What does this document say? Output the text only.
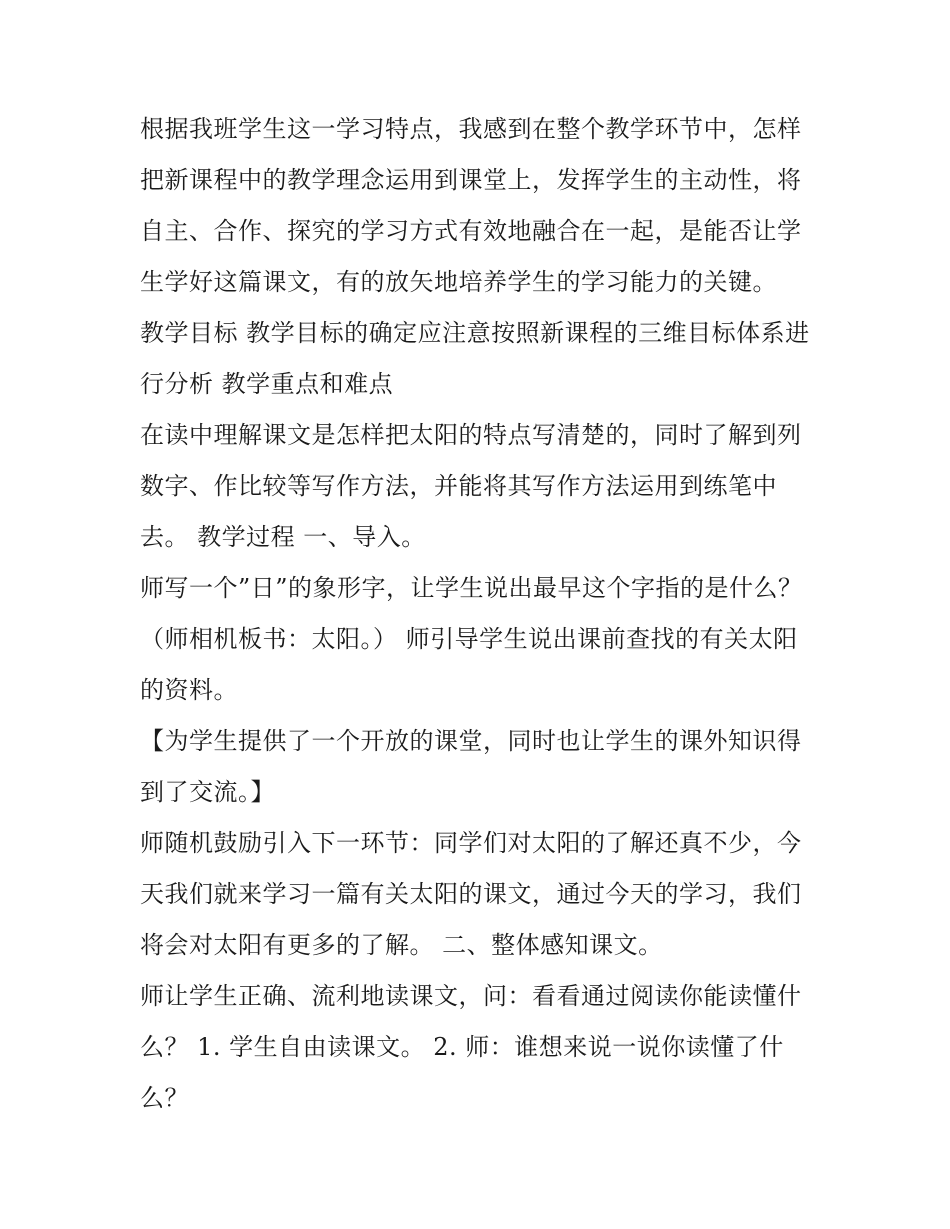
根据我班学生这一学习特点，我感到在整个教学环节中，怎样把新课程中的教学理念运用到课堂上，发挥学生的主动性，将自主、合作、探究的学习方式有效地融合在一起，是能否让学生学好这篇课文，有的放矢地培养学生的学习能力的关键。

教学目标 教学目标的确定应注意按照新课程的三维目标体系进行分析 教学重点和难点

在读中理解课文是怎样把太阳的特点写清楚的，同时了解到列数字、作比较等写作方法，并能将其写作方法运用到练笔中去。 教学过程 一、导入。

师写一个”日”的象形字，让学生说出最早这个字指的是什么？（师相机板书：太阳。） 师引导学生说出课前查找的有关太阳的资料。

【为学生提供了一个开放的课堂，同时也让学生的课外知识得到了交流。】

师随机鼓励引入下一环节：同学们对太阳的了解还真不少，今天我们就来学习一篇有关太阳的课文，通过今天的学习，我们将会对太阳有更多的了解。 二、整体感知课文。

师让学生正确、流利地读课文，问：看看通过阅读你能读懂什么？ 1. 学生自由读课文。 2. 师：谁想来说一说你读懂了什么？
